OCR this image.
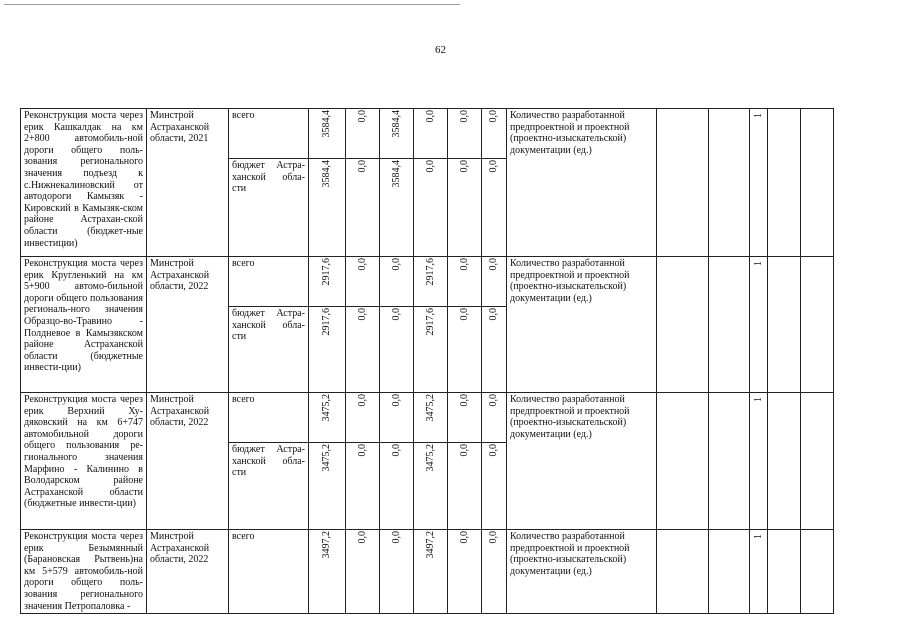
62
Реконструкция моста через ерик Кашкалдак на км 2+800 автомобиль-ной дороги общего поль-зования регионального значения подъезд к с.Нижнекалиновский от автодороги Камызяк - Кировский в Камызяк-ском районе Астрахан-ской области (бюджет-ные инвестиции)	Минстрой Астраханской области, 2021	всего	3584,4	0,0	3584,4	0,0	0,0	0,0	Количество разработанной предпроектной и проектной (проектно-изыскательской) документации (ед.)			1		
		бюджет Астра-ханской обла-сти	3584,4	0,0	3584,4	0,0	0,0	0,0						
Реконструкция моста через ерик Кругленький на км 5+900 автомо-бильной дороги общего пользования региональ-ного значения Образцо-во-Травино - Полдневое в Камызякском районе Астраханской области (бюджетные инвести-ции)	Минстрой Астраханской области, 2022	всего	2917,6	0,0	0,0	2917,6	0,0	0,0	Количество разработанной предпроектной и проектной (проектно-изыскательской) документации (ед.)			1		
		бюджет Астра-ханской обла-сти	2917,6	0,0	0,0	2917,6	0,0	0,0						
Реконструкция моста через ерик Верхний Ху-дяковский на км 6+747 автомобильной дороги общего пользования ре-гионального значения Марфино - Калинино в Володарском районе Астраханской области (бюджетные инвести-ции)	Минстрой Астраханской области, 2022	всего	3475,2	0,0	0,0	3475,2	0,0	0,0	Количество разработанной предпроектной и проектной (проектно-изыскательской) документации (ед.)			1		
		бюджет Астра-ханской обла-сти	3475,2	0,0	0,0	3475,2	0,0	0,0						
Реконструкция моста через ерик Безымянный (Барановская Рытвень)на км 5+579 автомобиль-ной дороги общего поль-зования регионального значения Петропаловка -	Минстрой Астраханской области, 2022	всего	3497,2	0,0	0,0	3497,2	0,0	0,0	Количество разработанной предпроектной и проектной (проектно-изыскательской) документации (ед.)			1		
